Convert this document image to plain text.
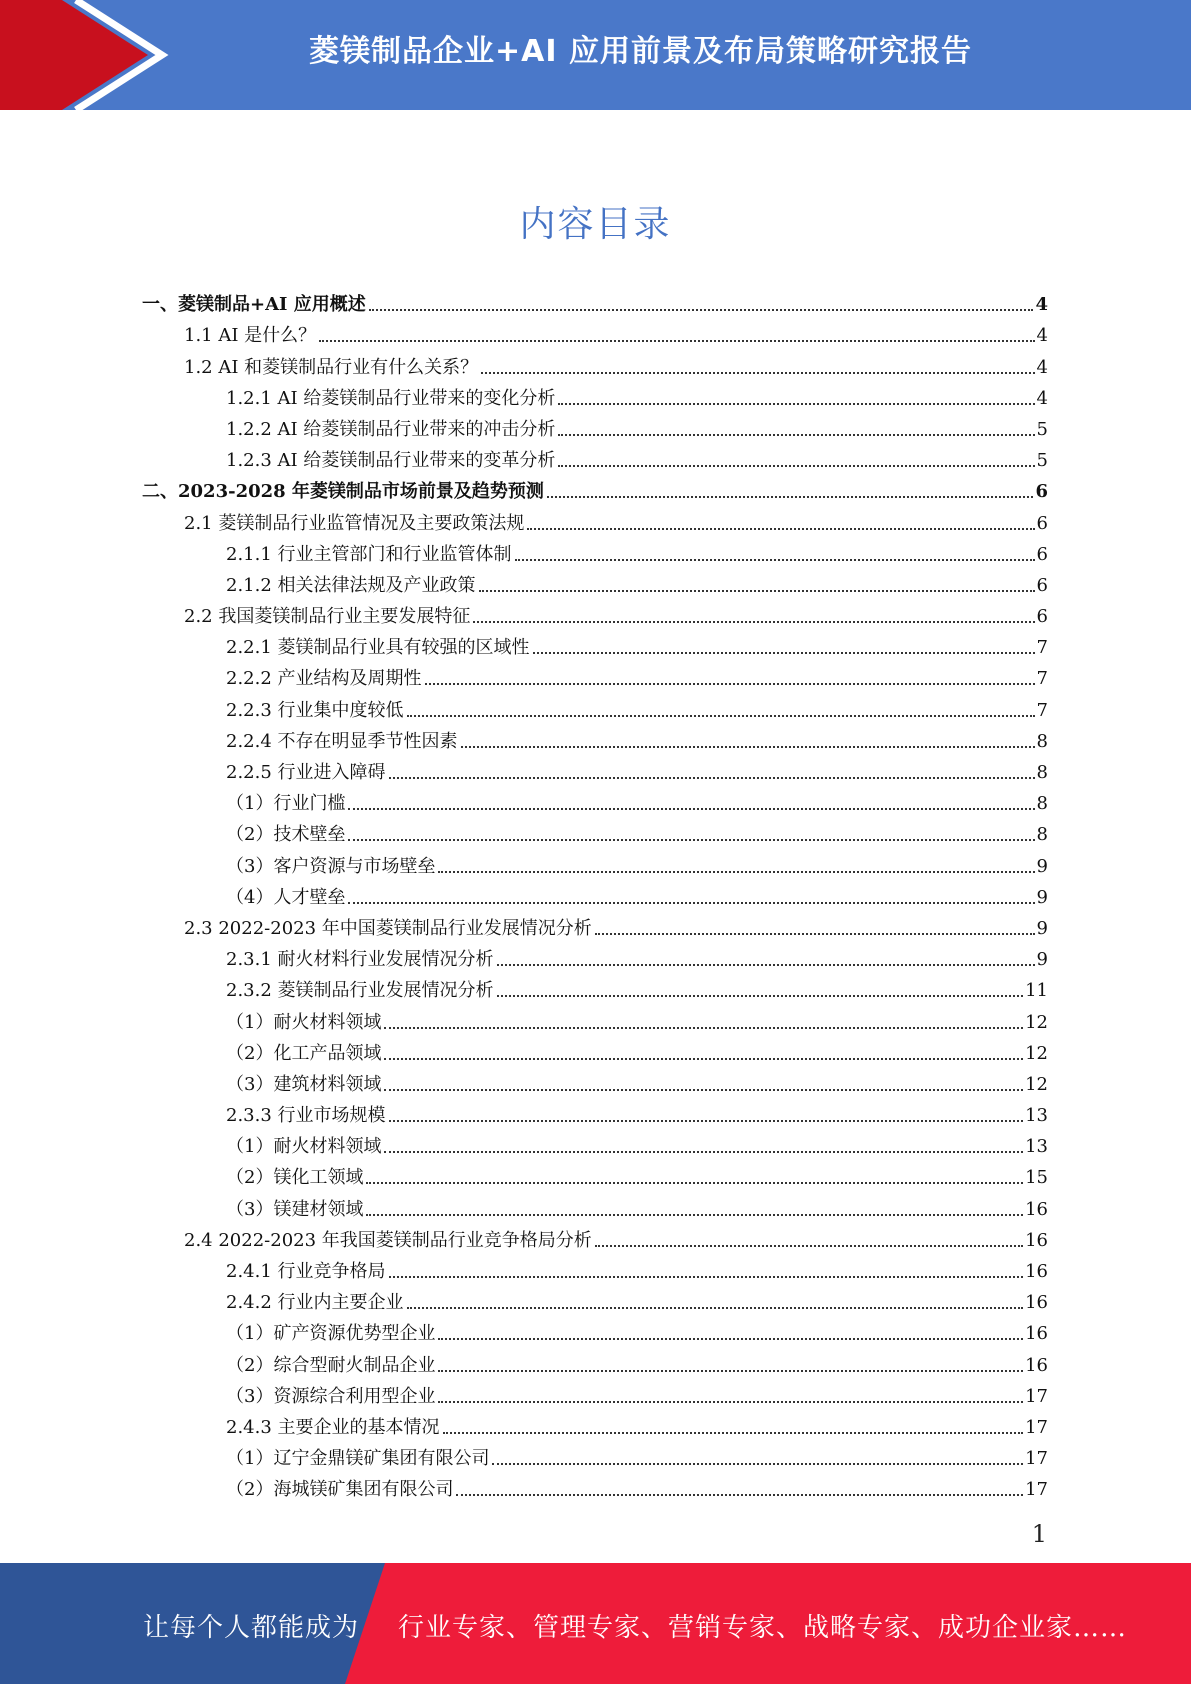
菱镁制品企业+AI 应用前景及布局策略研究报告
内容目录
一、菱镁制品+AI 应用概述	4
1.1 AI 是什么？	4
1.2 AI 和菱镁制品行业有什么关系？	4
1.2.1 AI 给菱镁制品行业带来的变化分析	4
1.2.2 AI 给菱镁制品行业带来的冲击分析	5
1.2.3 AI 给菱镁制品行业带来的变革分析	5
二、2023-2028 年菱镁制品市场前景及趋势预测	6
2.1 菱镁制品行业监管情况及主要政策法规	6
2.1.1 行业主管部门和行业监管体制	6
2.1.2 相关法律法规及产业政策	6
2.2 我国菱镁制品行业主要发展特征	6
2.2.1 菱镁制品行业具有较强的区域性	7
2.2.2 产业结构及周期性	7
2.2.3 行业集中度较低	7
2.2.4 不存在明显季节性因素	8
2.2.5 行业进入障碍	8
（1）行业门槛	8
（2）技术壁垒	8
（3）客户资源与市场壁垒	9
（4）人才壁垒	9
2.3 2022-2023 年中国菱镁制品行业发展情况分析	9
2.3.1 耐火材料行业发展情况分析	9
2.3.2 菱镁制品行业发展情况分析	11
（1）耐火材料领域	12
（2）化工产品领域	12
（3）建筑材料领域	12
2.3.3 行业市场规模	13
（1）耐火材料领域	13
（2）镁化工领域	15
（3）镁建材领域	16
2.4 2022-2023 年我国菱镁制品行业竞争格局分析	16
2.4.1 行业竞争格局	16
2.4.2 行业内主要企业	16
（1）矿产资源优势型企业	16
（2）综合型耐火制品企业	16
（3）资源综合利用型企业	17
2.4.3 主要企业的基本情况	17
（1）辽宁金鼎镁矿集团有限公司	17
（2）海城镁矿集团有限公司	17
1
让每个人都能成为 行业专家、管理专家、营销专家、战略专家、成功企业家……
